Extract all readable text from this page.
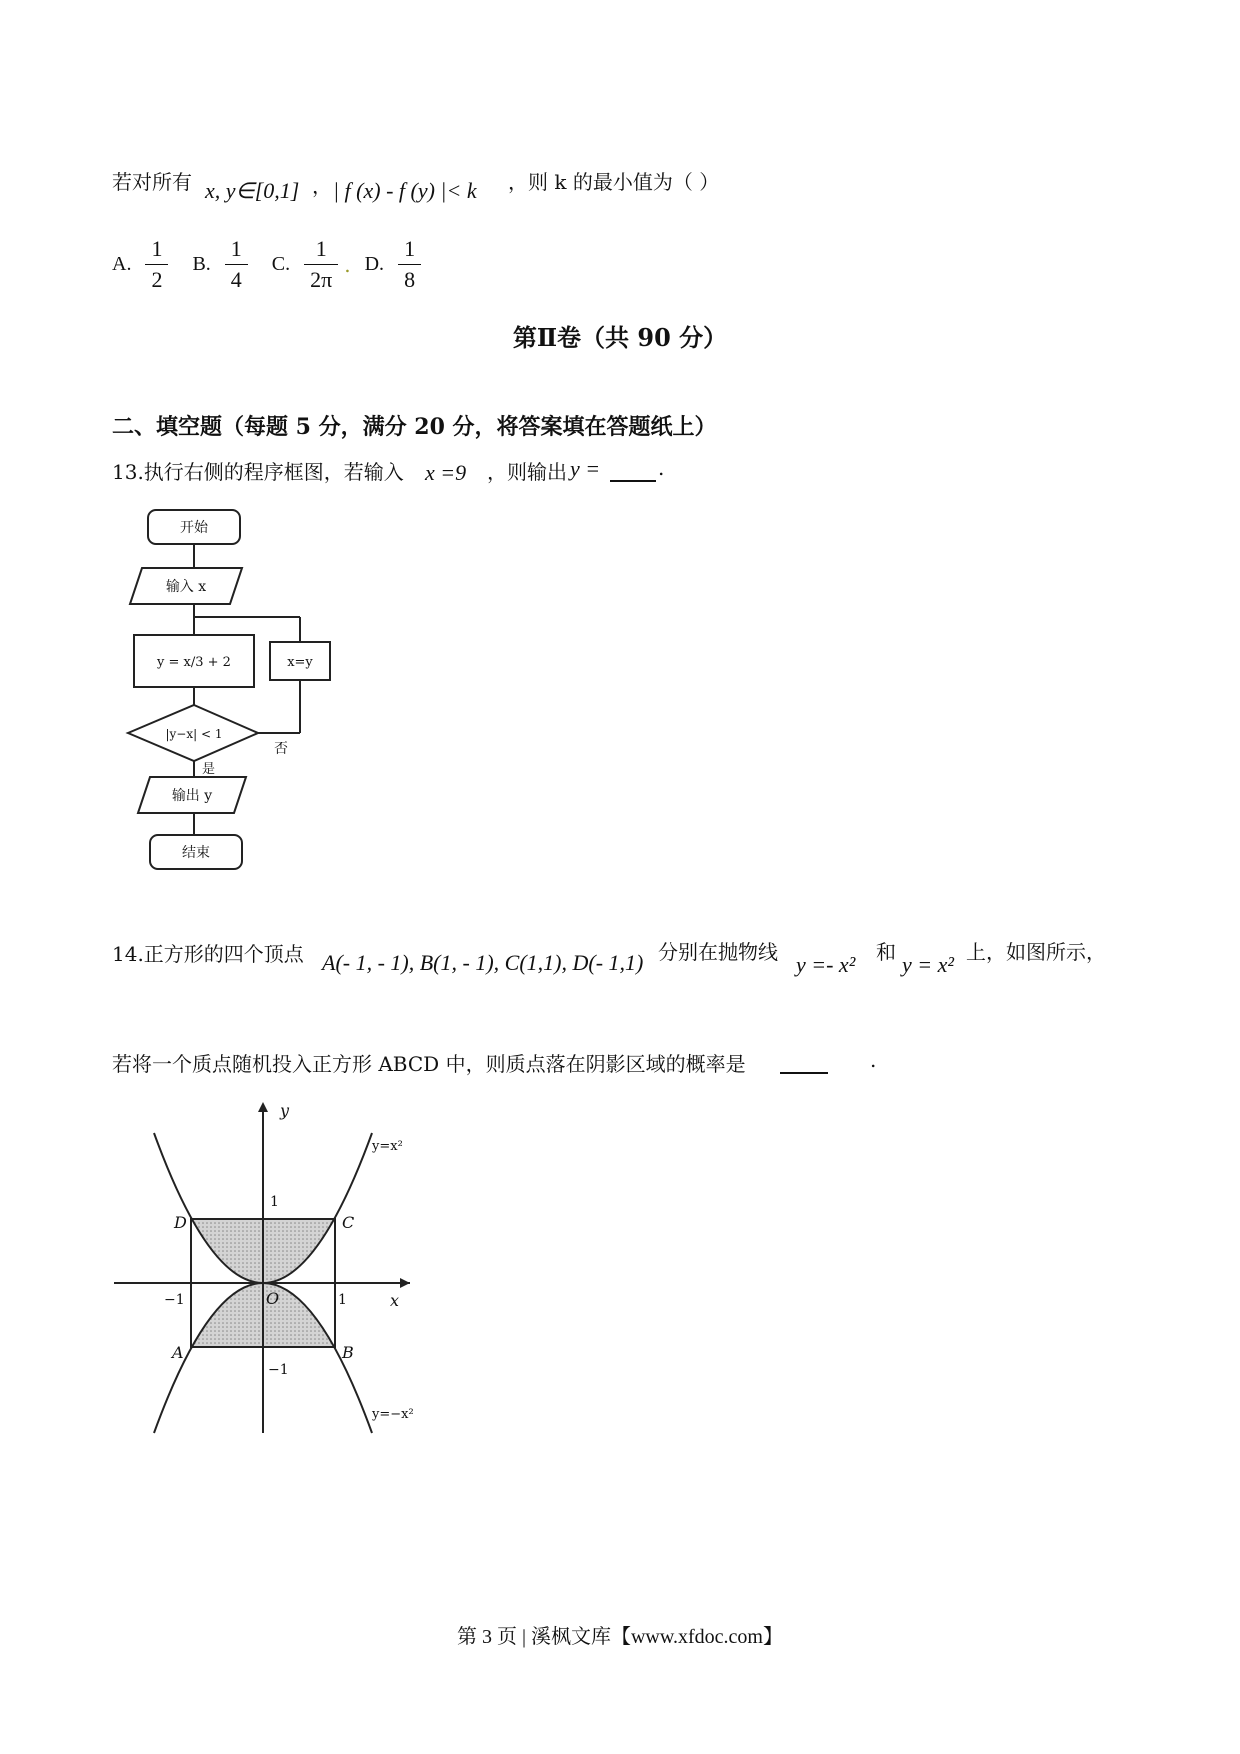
若对所有 x, y∈[0,1] ， | f (x) - f (y) |< k ，则 k 的最小值为（ ）
A. $\frac{1}{2} B$. $\frac{1}{4} C$. $\frac{1}{2\pi}$ . D. $\frac{1}{8}$
第Ⅱ卷（共 90 分）
二、填空题（每题 5 分，满分 20 分，将答案填在答题纸上）
13.执行右侧的程序框图，若输入 x =9 ，则输出 y =	.
开始
输入 x
y = x/3 + 2	x=y
|y−x| < 1
否
是
输出 y
结束
14.正方形的四个顶点 A(- 1, - 1), B(1, - 1), C(1,1), D(- 1,1) 分别在抛物线 y =- x² 和 y = x² 上，如图所示，
若将一个质点随机投入正方形 ABCD 中，则质点落在阴影区域的概率是	.
y
x
D	C
A	B
O
1
−1
−1	1
y=x²
y=−x²
第 3 页 | 溪枫文库【www.xfdoc.com】
